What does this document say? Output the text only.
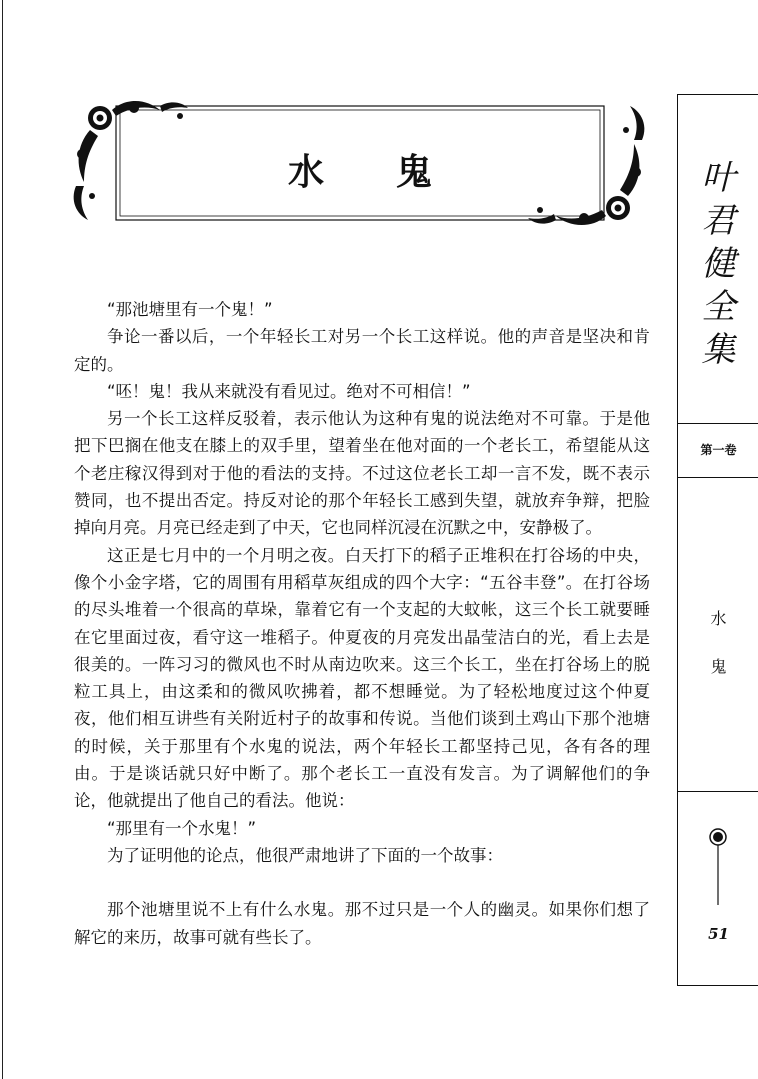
水鬼

“那池塘里有一个鬼！”

争论一番以后，一个年轻长工对另一个长工这样说。他的声音是坚决和肯定的。

“呸！鬼！我从来就没有看见过。绝对不可相信！”

另一个长工这样反驳着，表示他认为这种有鬼的说法绝对不可靠。于是他把下巴搁在他支在膝上的双手里，望着坐在他对面的一个老长工，希望能从这个老庄稼汉得到对于他的看法的支持。不过这位老长工却一言不发，既不表示赞同，也不提出否定。持反对论的那个年轻长工感到失望，就放弃争辩，把脸掉向月亮。月亮已经走到了中天，它也同样沉浸在沉默之中，安静极了。

这正是七月中的一个月明之夜。白天打下的稻子正堆积在打谷场的中央，像个小金字塔，它的周围有用稻草灰组成的四个大字：“五谷丰登”。在打谷场的尽头堆着一个很高的草垛，靠着它有一个支起的大蚊帐，这三个长工就要睡在它里面过夜，看守这一堆稻子。仲夏夜的月亮发出晶莹洁白的光，看上去是很美的。一阵习习的微风也不时从南边吹来。这三个长工，坐在打谷场上的脱粒工具上，由这柔和的微风吹拂着，都不想睡觉。为了轻松地度过这个仲夏夜，他们相互讲些有关附近村子的故事和传说。当他们谈到土鸡山下那个池塘的时候，关于那里有个水鬼的说法，两个年轻长工都坚持己见，各有各的理由。于是谈话就只好中断了。那个老长工一直没有发言。为了调解他们的争论，他就提出了他自己的看法。他说：

“那里有一个水鬼！”

为了证明他的论点，他很严肃地讲了下面的一个故事：

那个池塘里说不上有什么水鬼。那不过只是一个人的幽灵。如果你们想了解它的来历，故事可就有些长了。

叶
君
健
全
集
第一卷
水
鬼
51
